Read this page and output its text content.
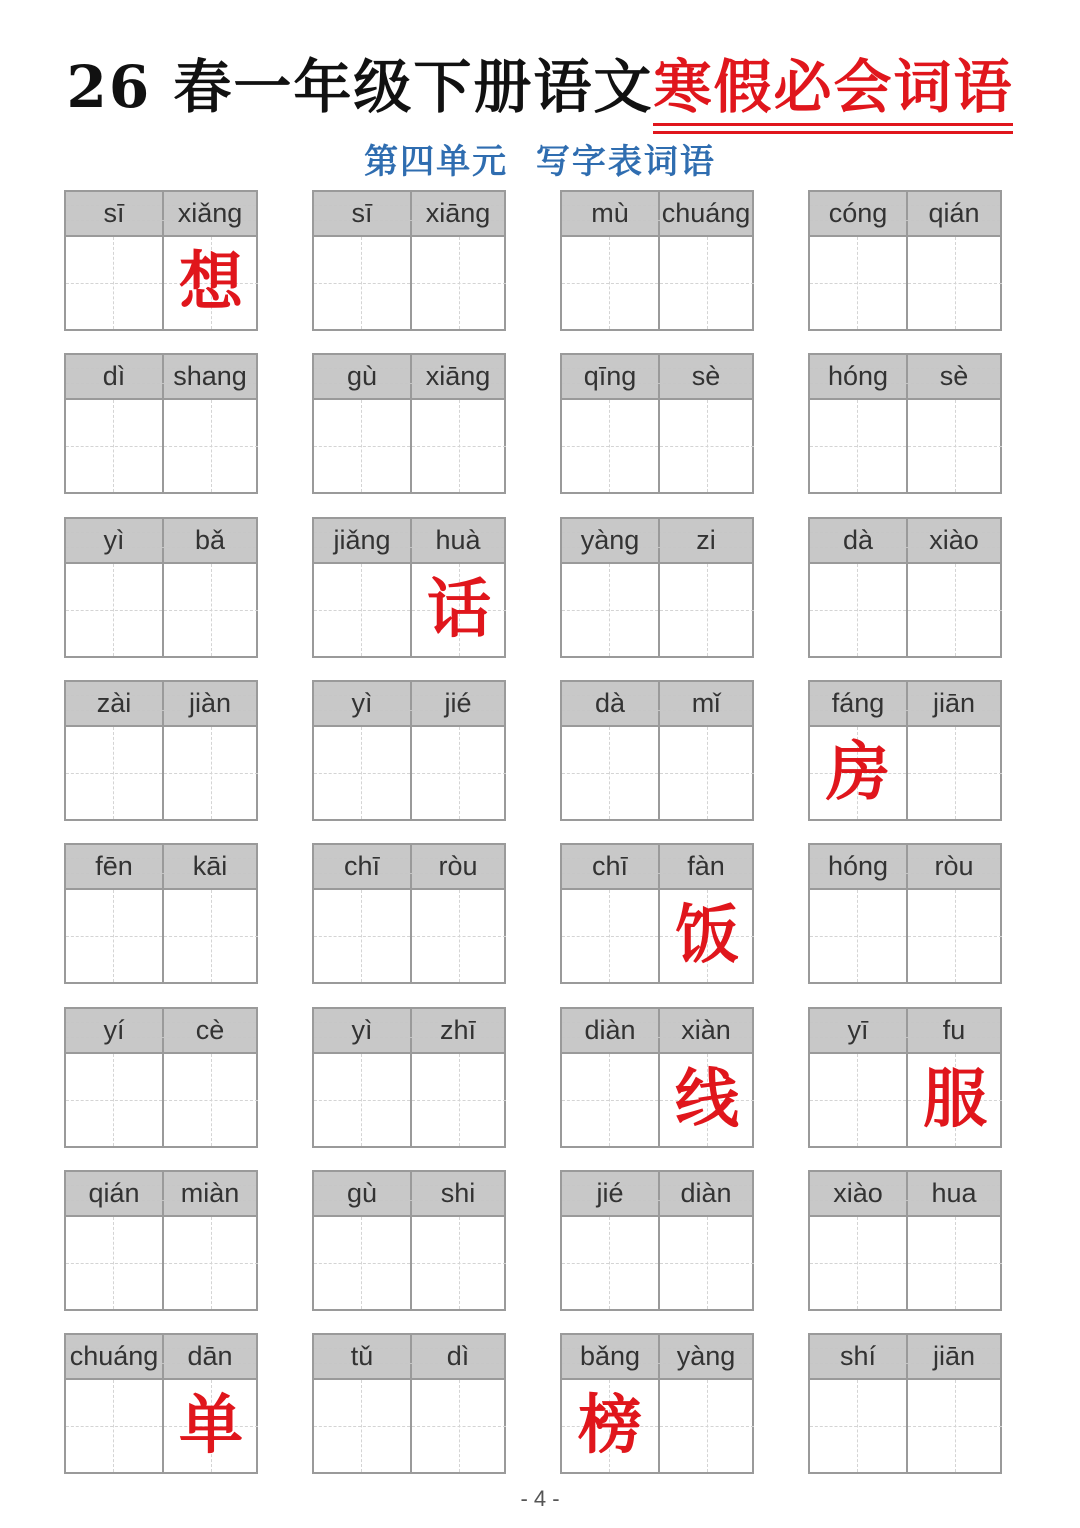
26 春一年级下册语文寒假必会词语
第四单元  写字表词语
sī	xiǎng
想
sī	xiāng	mù	chuáng	cóng	qián
dì	shang	gù	xiāng	qīng	sè	hóng	sè
yì	bǎ	jiǎng	huà
话
yàng	zi	dà	xiào
zài	jiàn	yì	jié	dà	mǐ	fáng	jiān
房
fēn	kāi	chī	ròu	chī	fàn
饭
hóng	ròu
yí	cè	yì	zhī	diàn	xiàn
线
yī	fu
服
qián	miàn	gù	shi	jié	diàn	xiào	hua
chuáng	dān
单
tǔ	dì	bǎng	yàng
榜
shí	jiān
- 4 -
